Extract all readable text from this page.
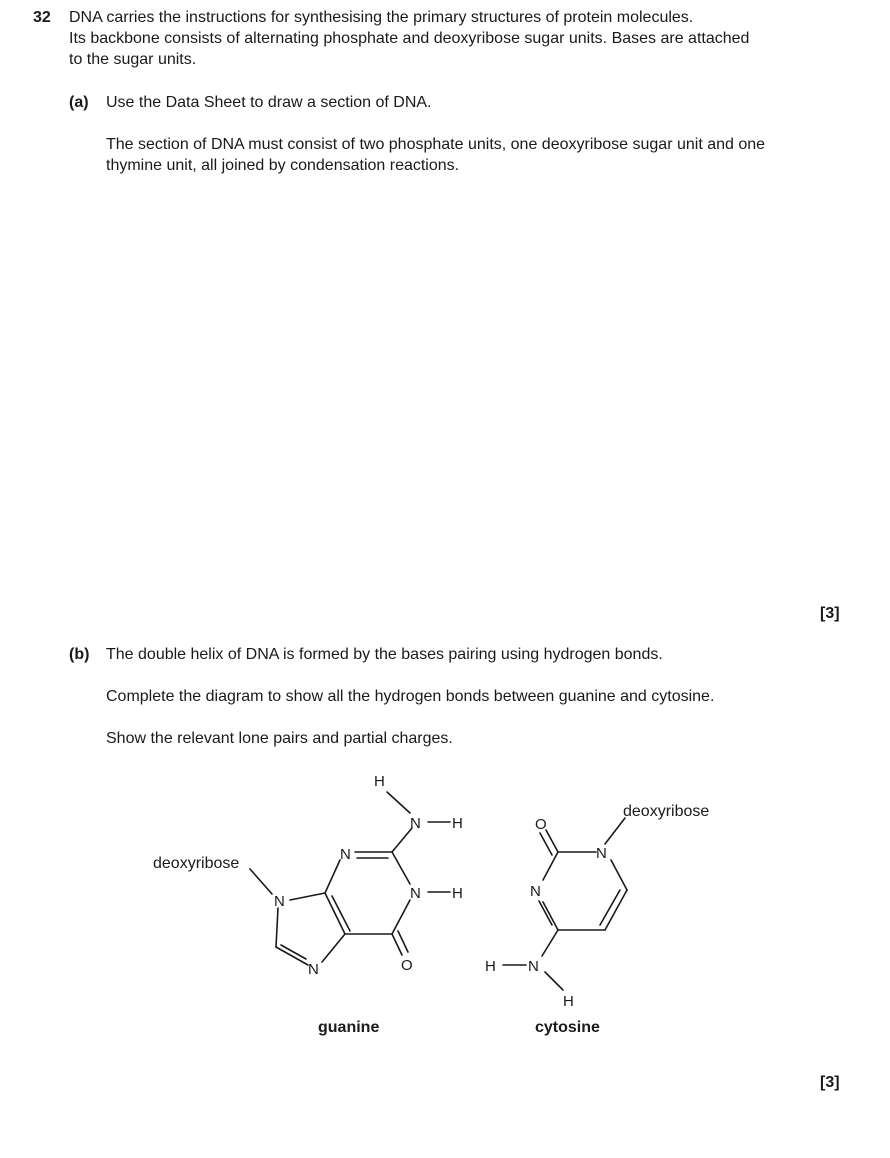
32 DNA carries the instructions for synthesising the primary structures of protein molecules.
Its backbone consists of alternating phosphate and deoxyribose sugar units. Bases are attached
to the sugar units.
(a) Use the Data Sheet to draw a section of DNA.
The section of DNA must consist of two phosphate units, one deoxyribose sugar unit and one
thymine unit, all joined by condensation reactions.
[3]
(b) The double helix of DNA is formed by the bases pairing using hydrogen bonds.
Complete the diagram to show all the hydrogen bonds between guanine and cytosine.
Show the relevant lone pairs and partial charges.
H
N H
N
N H
N
N	O
deoxyribose
guanine
O
N
N
H N
H
deoxyribose
cytosine
[3]
